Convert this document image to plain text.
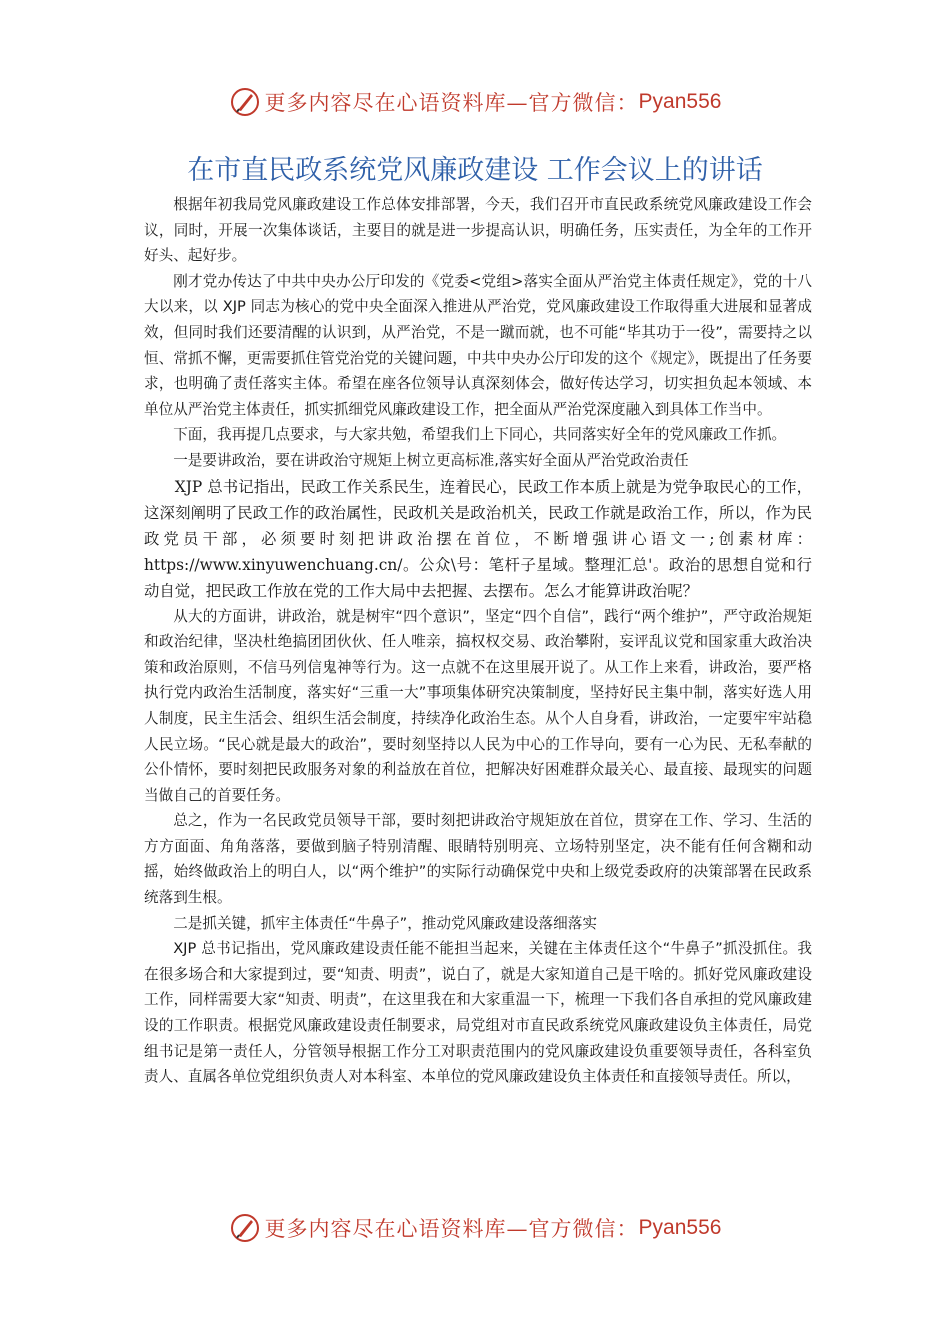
更多内容尽在心语资料库—官方微信： Pyan556
在市直民政系统党风廉政建设 工作会议上的讲话

根据年初我局党风廉政建设工作总体安排部署，今天，我们召开市直民政系统党风廉政建设工作会议，同时，开展一次集体谈话，主要目的就是进一步提高认识，明确任务，压实责任，为全年的工作开好头、起好步。

刚才党办传达了中共中央办公厅印发的《党委<党组>落实全面从严治党主体责任规定》，党的十八大以来，以 XJP 同志为核心的党中央全面深入推进从严治党，党风廉政建设工作取得重大进展和显著成效，但同时我们还要清醒的认识到，从严治党，不是一蹴而就，也不可能“毕其功于一役”，需要持之以恒、常抓不懈，更需要抓住管党治党的关键问题，中共中央办公厅印发的这个《规定》，既提出了任务要求，也明确了责任落实主体。希望在座各位领导认真深刻体会，做好传达学习，切实担负起本领域、本单位从严治党主体责任，抓实抓细党风廉政建设工作，把全面从严治党深度融入到具体工作当中。

下面，我再提几点要求，与大家共勉，希望我们上下同心，共同落实好全年的党风廉政工作抓。

一是要讲政治，要在讲政治守规矩上树立更高标准,落实好全面从严治党政治责任

XJP 总书记指出，民政工作关系民生，连着民心，民政工作本质上就是为党争取民心的工作，这深刻阐明了民政工作的政治属性，民政机关是政治机关，民政工作就是政治工作，所以，作为民政党员干部，必须要时刻把讲政治摆在首位，不断增强讲心语文一;创素材库：https://www.xinyuwenchuang.cn/。公众\号：笔杆子星域。整理汇总'。政治的思想自觉和行动自觉，把民政工作放在党的工作大局中去把握、去摆布。怎么才能算讲政治呢？

从大的方面讲，讲政治，就是树牢“四个意识”，坚定“四个自信”，践行“两个维护”，严守政治规矩和政治纪律，坚决杜绝搞团团伙伙、任人唯亲，搞权权交易、政治攀附，妄评乱议党和国家重大政治决策和政治原则，不信马列信鬼神等行为。这一点就不在这里展开说了。从工作上来看，讲政治，要严格执行党内政治生活制度，落实好“三重一大”事项集体研究决策制度，坚持好民主集中制，落实好选人用人制度，民主生活会、组织生活会制度，持续净化政治生态。从个人自身看，讲政治，一定要牢牢站稳人民立场。“民心就是最大的政治”，要时刻坚持以人民为中心的工作导向，要有一心为民、无私奉献的公仆情怀，要时刻把民政服务对象的利益放在首位，把解决好困难群众最关心、最直接、最现实的问题当做自己的首要任务。

总之，作为一名民政党员领导干部，要时刻把讲政治守规矩放在首位，贯穿在工作、学习、生活的方方面面、角角落落，要做到脑子特别清醒、眼睛特别明亮、立场特别坚定，决不能有任何含糊和动摇，始终做政治上的明白人，以“两个维护”的实际行动确保党中央和上级党委政府的决策部署在民政系统落到生根。

二是抓关键，抓牢主体责任“牛鼻子”，推动党风廉政建设落细落实

XJP 总书记指出，党风廉政建设责任能不能担当起来，关键在主体责任这个“牛鼻子”抓没抓住。我在很多场合和大家提到过，要“知责、明责”，说白了，就是大家知道自己是干啥的。抓好党风廉政建设工作，同样需要大家“知责、明责”，在这里我在和大家重温一下，梳理一下我们各自承担的党风廉政建设的工作职责。根据党风廉政建设责任制要求，局党组对市直民政系统党风廉政建设负主体责任，局党组书记是第一责任人，分管领导根据工作分工对职责范围内的党风廉政建设负重要领导责任，各科室负责人、直属各单位党组织负责人对本科室、本单位的党风廉政建设负主体责任和直接领导责任。所以，

更多内容尽在心语资料库—官方微信： Pyan556
